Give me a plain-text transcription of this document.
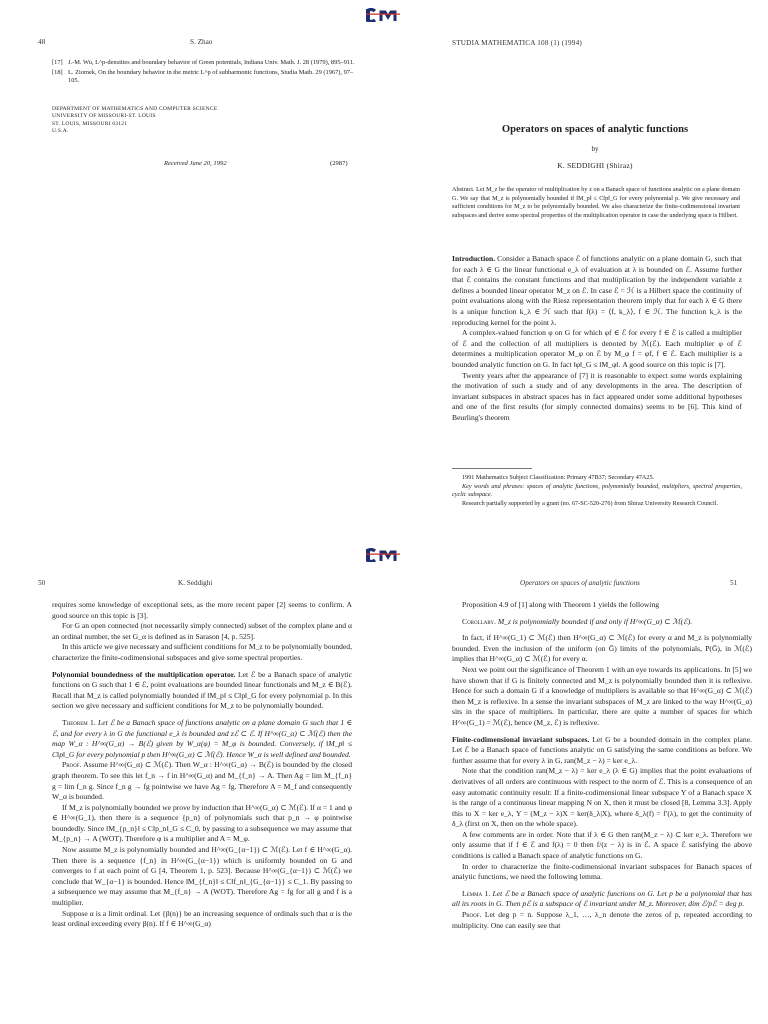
48	S. Zhao
[17] J.-M. Wu, L^p-densities and boundary behavior of Green potentials, Indiana Univ. Math. J. 28 (1979), 895–911.
[18] L. Ziomek, On the boundary behavior in the metric L^p of subharmonic functions, Studia Math. 29 (1967), 97–105.
DEPARTMENT OF MATHEMATICS AND COMPUTER SCIENCE
UNIVERSITY OF MISSOURI-ST. LOUIS
ST. LOUIS, MISSOURI 63121
U.S.A.
Received June 20, 1992	(2987)
STUDIA MATHEMATICA 108 (1) (1994)
Operators on spaces of analytic functions
by
K. SEDDIGHI (Shiraz)
Abstract. Let M_z be the operator of multiplication by z on a Banach space of functions analytic on a plane domain G. We say that M_z is polynomially bounded if ‖M_p‖ ≤ C‖p‖_G for every polynomial p. We give necessary and sufficient conditions for M_z to be polynomially bounded. We also characterize the finite-codimensional invariant subspaces and derive some spectral properties of the multiplication operator in case the underlying space is Hilbert.

Introduction. Consider a Banach space ℰ of functions analytic on a plane domain G, such that for each λ ∈ G the linear functional e_λ of evaluation at λ is bounded on ℰ. Assume further that ℰ contains the constant functions and that multiplication by the independent variable z defines a bounded linear operator M_z on ℰ. In case ℰ = ℋ is a Hilbert space the continuity of point evaluations along with the Riesz representation theorem imply that for each λ ∈ G there is a unique function k_λ ∈ ℋ such that f(λ) = ⟨f, k_λ⟩, f ∈ ℋ. The function k_λ is the reproducing kernel for the point λ.

A complex-valued function φ on G for which φf ∈ ℰ for every f ∈ ℰ is called a multiplier of ℰ and the collection of all multipliers is denoted by ℳ(ℰ). Each multiplier φ of ℰ determines a multiplication operator M_φ on ℰ by M_φ f = φf, f ∈ ℰ. Each multiplier is a bounded analytic function on G. In fact ‖φ‖_G ≤ ‖M_φ‖. A good source on this topic is [7].

Twenty years after the appearance of [7] it is reasonable to expect some words explaining the motivation of such a study and of any developments in the area. The description of invariant subspaces in abstract spaces has in fact appeared under some additional hypotheses and one of the first results (for simply connected domains) seems to be [6]. This kind of Beurling's theorem

1991 Mathematics Subject Classification: Primary 47B37; Secondary 47A25.
Key words and phrases: spaces of analytic functions, polynomially bounded, multipliers, spectral properties, cyclic subspace.
Research partially supported by a grant (no. 67-SC-520-276) from Shiraz University Research Council.
50	K. Seddighi

requires some knowledge of exceptional sets, as the more recent paper [2] seems to confirm. A good source on this topic is [3].

For G an open connected (not necessarily simply connected) subset of the complex plane and α an ordinal number, the set G_α is defined as in Sarason [4, p. 525].

In this article we give necessary and sufficient conditions for M_z to be polynomially bounded, characterize the finite-codimensional subspaces and give some spectral properties.

Polynomial boundedness of the multiplication operator. Let ℰ be a Banach space of analytic functions on G such that 1 ∈ ℰ, point evaluations are bounded linear functionals and M_z ∈ B(ℰ). Recall that M_z is called polynomially bounded if ‖M_p‖ ≤ C‖p‖_G for every polynomial p. In this section we give necessary and sufficient conditions for M_z to be polynomially bounded.

Theorem 1. Let ℰ be a Banach space of functions analytic on a plane domain G such that 1 ∈ ℰ, and for every λ in G the functional e_λ is bounded and zℰ ⊂ ℰ. If H^∞(G_α) ⊂ ℳ(ℰ) then the map W_α : H^∞(G_α) → B(ℰ) given by W_α(φ) = M_φ is bounded. Conversely, if ‖M_p‖ ≤ C‖p‖_G for every polynomial p then H^∞(G_α) ⊂ ℳ(ℰ). Hence W_α is well defined and bounded.

Proof. Assume H^∞(G_α) ⊂ ℳ(ℰ). Then W_α : H^∞(G_α) → B(ℰ) is bounded by the closed graph theorem. To see this let f_n → f in H^∞(G_α) and M_{f_n} → A. Then Ag = lim M_{f_n} g = lim f_n g. Since f_n g → fg pointwise we have Ag = fg. Therefore A = M_f and consequently W_α is bounded.

If M_z is polynomially bounded we prove by induction that H^∞(G_α) ⊂ ℳ(ℰ). If α = 1 and φ ∈ H^∞(G_1), then there is a sequence {p_n} of polynomials such that p_n → φ pointwise boundedly. Since ‖M_{p_n}‖ ≤ C‖p_n‖_G ≤ C_0, by passing to a subsequence we may assume that M_{p_n} → A (WOT). Therefore φ is a multiplier and A = M_φ.

Now assume M_z is polynomially bounded and H^∞(G_{α−1}) ⊂ ℳ(ℰ). Let f ∈ H^∞(G_α). Then there is a sequence {f_n} in H^∞(G_{α−1}) which is uniformly bounded on G and converges to f at each point of G [4, Theorem 1, p. 523]. Because H^∞(G_{α−1}) ⊂ ℳ(ℰ) we conclude that W_{α−1} is bounded. Hence ‖M_{f_n}‖ ≤ C‖f_n‖_{G_{α−1}} ≤ C_1. By passing to a subsequence we may assume that M_{f_n} → A (WOT). Therefore Ag = fg for all g and f is a multiplier.

Suppose α is a limit ordinal. Let {β(n)} be an increasing sequence of ordinals such that α is the least ordinal exceeding every β(n). If f ∈ H^∞(G_α)

Operators on spaces of analytic functions	51

Proposition 4.9 of [1] along with Theorem 1 yields the following

Corollary. M_z is polynomially bounded if and only if H^∞(G_α) ⊂ ℳ(ℰ).

In fact, if H^∞(G_1) ⊂ ℳ(ℰ) then H^∞(G_α) ⊂ ℳ(ℰ) for every α and M_z is polynomially bounded. Even the inclusion of the uniform (on Ḡ) limits of the polynomials, P(Ḡ), in ℳ(ℰ) implies that H^∞(G_α) ⊂ ℳ(ℰ) for every α.

Next we point out the significance of Theorem 1 with an eye towards its applications. In [5] we have shown that if G is finitely connected and M_z is polynomially bounded then it is reflexive. Hence for such a domain G if a knowledge of multipliers is available so that H^∞(G_α) ⊂ ℳ(ℰ) then M_z is reflexive. In a sense the invariant subspaces of M_z are linked to the way H^∞(G_α) sits in the space of multipliers. In particular, there are quite a number of spaces for which H^∞(G_1) = ℳ(ℰ), hence (M_z, ℰ) is reflexive.

Finite-codimensional invariant subspaces. Let G be a bounded domain in the complex plane. Let ℰ be a Banach space of functions analytic on G satisfying the same conditions as before. We further assume that for every λ in G, ran(M_z − λ) = ker e_λ.

Note that the condition ran(M_z − λ) = ker e_λ (λ ∈ G) implies that the point evaluations of derivatives of all orders are continuous with respect to the norm of ℰ. This is a consequence of an easy automatic continuity result: If a finite-codimensional linear subspace Y of a Banach space X is the range of a continuous linear mapping N on X, then it must be closed [8, Lemma 3.3]. Apply this to X = ker e_λ, Y = (M_z − λ)X = ker(δ_λ|X), where δ_λ(f) = f′(λ), to get the continuity of δ_λ (first on X, then on the whole space).

A few comments are in order. Note that if λ ∈ G then ran(M_z − λ) ⊂ ker e_λ. Therefore we only assume that if f ∈ ℰ and f(λ) = 0 then f/(z − λ) is in ℰ. A space ℰ satisfying the above conditions is called a Banach space of analytic functions on G.

In order to characterize the finite-codimensional invariant subspaces for Banach spaces of analytic functions, we need the following lemma.

Lemma 1. Let ℰ be a Banach space of analytic functions on G. Let p be a polynomial that has all its roots in G. Then pℰ is a subspace of ℰ invariant under M_z. Moreover, dim ℰ/pℰ = deg p.

Proof. Let deg p = n. Suppose λ_1, …, λ_n denote the zeros of p, repeated according to multiplicity. One can easily see that
